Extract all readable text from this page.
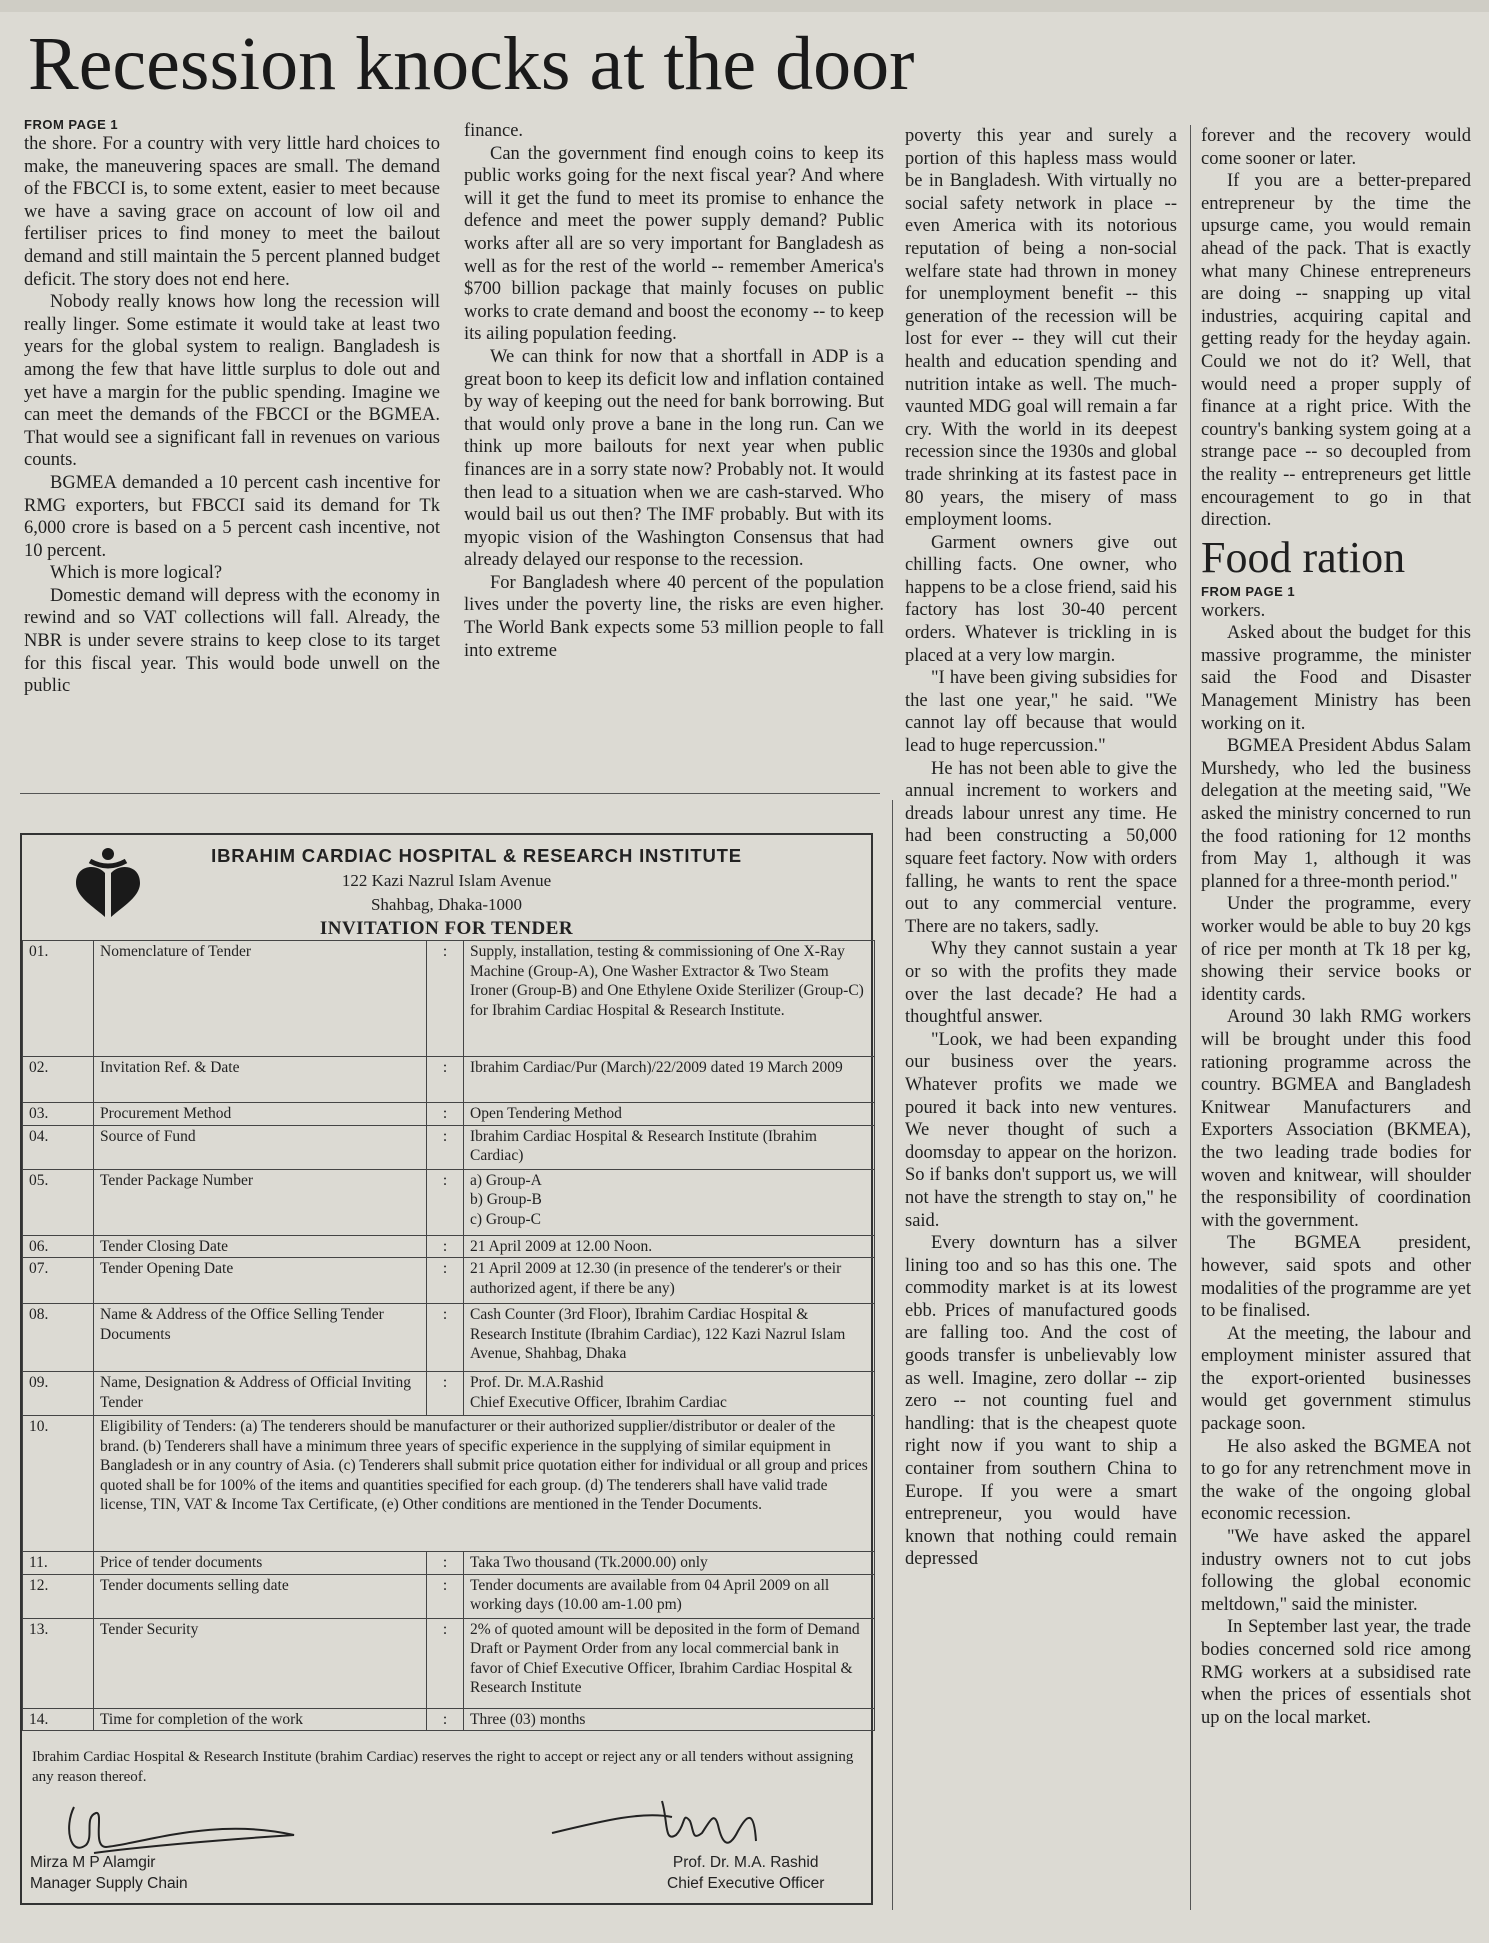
Recession knocks at the door
FROM PAGE 1

the shore. For a country with very little hard choices to make, the maneuvering spaces are small. The demand of the FBCCI is, to some extent, easier to meet because we have a saving grace on account of low oil and fertiliser prices to find money to meet the bailout demand and still maintain the 5 percent planned budget deficit. The story does not end here.

Nobody really knows how long the recession will really linger. Some estimate it would take at least two years for the global system to realign. Bangladesh is among the few that have little surplus to dole out and yet have a margin for the public spending. Imagine we can meet the demands of the FBCCI or the BGMEA. That would see a significant fall in revenues on various counts.

BGMEA demanded a 10 percent cash incentive for RMG exporters, but FBCCI said its demand for Tk 6,000 crore is based on a 5 percent cash incentive, not 10 percent.

Which is more logical?

Domestic demand will depress with the economy in rewind and so VAT collections will fall. Already, the NBR is under severe strains to keep close to its target for this fiscal year. This would bode unwell on the public

finance.

Can the government find enough coins to keep its public works going for the next fiscal year? And where will it get the fund to meet its promise to enhance the defence and meet the power supply demand? Public works after all are so very important for Bangladesh as well as for the rest of the world -- remember America's $700 billion package that mainly focuses on public works to crate demand and boost the economy -- to keep its ailing population feeding.

We can think for now that a shortfall in ADP is a great boon to keep its deficit low and inflation contained by way of keeping out the need for bank borrowing. But that would only prove a bane in the long run. Can we think up more bailouts for next year when public finances are in a sorry state now? Probably not. It would then lead to a situation when we are cash-starved. Who would bail us out then? The IMF probably. But with its myopic vision of the Washington Consensus that had already delayed our response to the recession.

For Bangladesh where 40 percent of the population lives under the poverty line, the risks are even higher. The World Bank expects some 53 million people to fall into extreme

poverty this year and surely a portion of this hapless mass would be in Bangladesh. With virtually no social safety network in place -- even America with its notorious reputation of being a non-social welfare state had thrown in money for unemployment benefit -- this generation of the recession will be lost for ever -- they will cut their health and education spending and nutrition intake as well. The much-vaunted MDG goal will remain a far cry. With the world in its deepest recession since the 1930s and global trade shrinking at its fastest pace in 80 years, the misery of mass employment looms.

Garment owners give out chilling facts. One owner, who happens to be a close friend, said his factory has lost 30-40 percent orders. Whatever is trickling in is placed at a very low margin.

"I have been giving subsidies for the last one year," he said. "We cannot lay off because that would lead to huge repercussion."

He has not been able to give the annual increment to workers and dreads labour unrest any time. He had been constructing a 50,000 square feet factory. Now with orders falling, he wants to rent the space out to any commercial venture. There are no takers, sadly.

Why they cannot sustain a year or so with the profits they made over the last decade? He had a thoughtful answer.

"Look, we had been expanding our business over the years. Whatever profits we made we poured it back into new ventures. We never thought of such a doomsday to appear on the horizon. So if banks don't support us, we will not have the strength to stay on," he said.

Every downturn has a silver lining too and so has this one. The commodity market is at its lowest ebb. Prices of manufactured goods are falling too. And the cost of goods transfer is unbelievably low as well. Imagine, zero dollar -- zip zero -- not counting fuel and handling: that is the cheapest quote right now if you want to ship a container from southern China to Europe. If you were a smart entrepreneur, you would have known that nothing could remain depressed

forever and the recovery would come sooner or later.

If you are a better-prepared entrepreneur by the time the upsurge came, you would remain ahead of the pack. That is exactly what many Chinese entrepreneurs are doing -- snapping up vital industries, acquiring capital and getting ready for the heyday again. Could we not do it? Well, that would need a proper supply of finance at a right price. With the country's banking system going at a strange pace -- so decoupled from the reality -- entrepreneurs get little encouragement to go in that direction.

Food ration
FROM PAGE 1

workers.

Asked about the budget for this massive programme, the minister said the Food and Disaster Management Ministry has been working on it.

BGMEA President Abdus Salam Murshedy, who led the business delegation at the meeting said, "We asked the ministry concerned to run the food rationing for 12 months from May 1, although it was planned for a three-month period."

Under the programme, every worker would be able to buy 20 kgs of rice per month at Tk 18 per kg, showing their service books or identity cards.

Around 30 lakh RMG workers will be brought under this food rationing programme across the country. BGMEA and Bangladesh Knitwear Manufacturers and Exporters Association (BKMEA), the two leading trade bodies for woven and knitwear, will shoulder the responsibility of coordination with the government.

The BGMEA president, however, said spots and other modalities of the programme are yet to be finalised.

At the meeting, the labour and employment minister assured that the export-oriented businesses would get government stimulus package soon.

He also asked the BGMEA not to go for any retrenchment move in the wake of the ongoing global economic recession.

"We have asked the apparel industry owners not to cut jobs following the global economic meltdown," said the minister.

In September last year, the trade bodies concerned sold rice among RMG workers at a subsidised rate when the prices of essentials shot up on the local market.

IBRAHIM CARDIAC HOSPITAL & RESEARCH INSTITUTE
122 Kazi Nazrul Islam Avenue
Shahbag, Dhaka-1000
INVITATION FOR TENDER
01.	Nomenclature of Tender	:	Supply, installation, testing & commissioning of One X-Ray Machine (Group-A), One Washer Extractor & Two Steam Ironer (Group-B) and One Ethylene Oxide Sterilizer (Group-C) for Ibrahim Cardiac Hospital & Research Institute.
02.	Invitation Ref. & Date	:	Ibrahim Cardiac/Pur (March)/22/2009 dated 19 March 2009
03.	Procurement Method	:	Open Tendering Method
04.	Source of Fund	:	Ibrahim Cardiac Hospital & Research Institute (Ibrahim Cardiac)
05.	Tender Package Number	:	a) Group-A
b) Group-B
c) Group-C
06.	Tender Closing Date	:	21 April 2009 at 12.00 Noon.
07.	Tender Opening Date	:	21 April 2009 at 12.30 (in presence of the tenderer's or their authorized agent, if there be any)
08.	Name & Address of the Office Selling Tender Documents	:	Cash Counter (3rd Floor), Ibrahim Cardiac Hospital & Research Institute (Ibrahim Cardiac), 122 Kazi Nazrul Islam Avenue, Shahbag, Dhaka
09.	Name, Designation & Address of Official Inviting Tender	:	Prof. Dr. M.A.Rashid
Chief Executive Officer, Ibrahim Cardiac
10.	Eligibility of Tenders: (a) The tenderers should be manufacturer or their authorized supplier/distributor or dealer of the brand. (b) Tenderers shall have a minimum three years of specific experience in the supplying of similar equipment in Bangladesh or in any country of Asia. (c) Tenderers shall submit price quotation either for individual or all group and prices quoted shall be for 100% of the items and quantities specified for each group. (d) The tenderers shall have valid trade license, TIN, VAT & Income Tax Certificate, (e) Other conditions are mentioned in the Tender Documents.		
11.	Price of tender documents	:	Taka Two thousand (Tk.2000.00) only
12.	Tender documents selling date	:	Tender documents are available from 04 April 2009 on all working days (10.00 am-1.00 pm)
13.	Tender Security	:	2% of quoted amount will be deposited in the form of Demand Draft or Payment Order from any local commercial bank in favor of Chief Executive Officer, Ibrahim Cardiac Hospital & Research Institute
14.	Time for completion of the work	:	Three (03) months
Ibrahim Cardiac Hospital & Research Institute (brahim Cardiac) reserves the right to accept or reject any or all tenders without assigning any reason thereof.
Mirza M P Alamgir
Manager Supply Chain
Prof. Dr. M.A. Rashid
Chief Executive Officer
